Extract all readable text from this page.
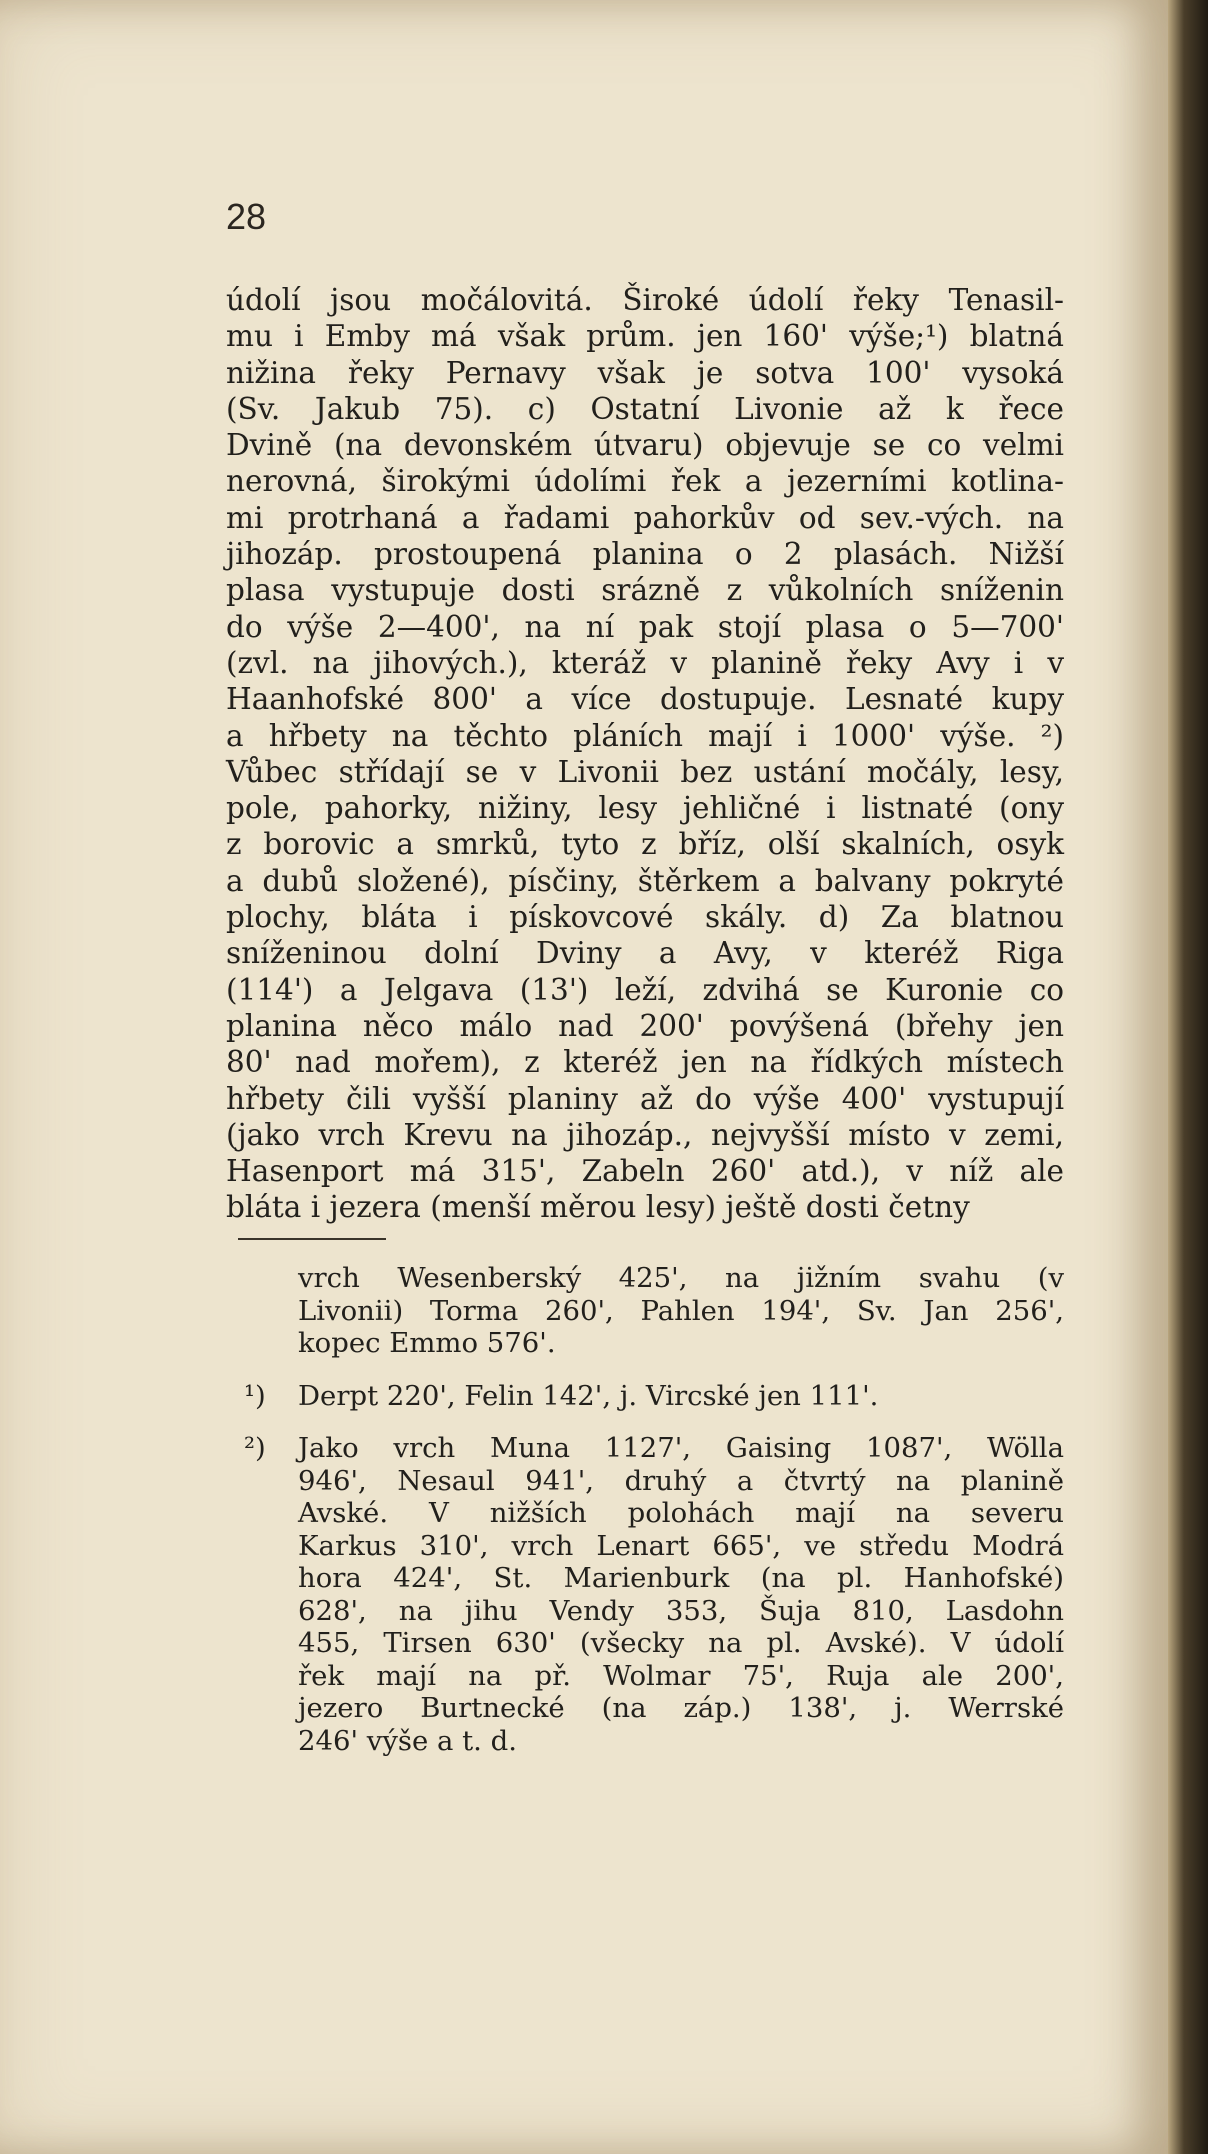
28
údolí jsou močálovitá. Široké údolí řeky Tenasil-
mu i Emby má však prům. jen 160' výše;¹) blatná
nižina řeky Pernavy však je sotva 100' vysoká
(Sv. Jakub 75). c) Ostatní Livonie až k řece
Dvině (na devonském útvaru) objevuje se co velmi
nerovná, širokými údolími řek a jezerními kotlina-
mi protrhaná a řadami pahorkův od sev.-vých. na
jihozáp. prostoupená planina o 2 plasách. Nižší
plasa vystupuje dosti srázně z vůkolních sníženin
do výše 2—400', na ní pak stojí plasa o 5—700'
(zvl. na jihových.), kteráž v planině řeky Avy i v
Haanhofské 800' a více dostupuje. Lesnaté kupy
a hřbety na těchto pláních mají i 1000' výše. ²)
Vůbec střídají se v Livonii bez ustání močály, lesy,
pole, pahorky, nižiny, lesy jehličné i listnaté (ony
z borovic a smrků, tyto z bříz, olší skalních, osyk
a dubů složené), písčiny, štěrkem a balvany pokryté
plochy, bláta i pískovcové skály. d) Za blatnou
sníženinou dolní Dviny a Avy, v kteréž Riga
(114') a Jelgava (13') leží, zdvihá se Kuronie co
planina něco málo nad 200' povýšená (břehy jen
80' nad mořem), z kteréž jen na řídkých místech
hřbety čili vyšší planiny až do výše 400' vystupují
(jako vrch Krevu na jihozáp., nejvyšší místo v zemi,
Hasenport má 315', Zabeln 260' atd.), v níž ale
bláta i jezera (menší měrou lesy) ještě dosti četny
vrch Wesenberský 425', na jižním svahu (v
Livonii) Torma 260', Pahlen 194', Sv. Jan 256',
kopec Emmo 576'.
¹) Derpt 220', Felin 142', j. Vircské jen 111'.
²) Jako vrch Muna 1127', Gaising 1087', Wölla
946', Nesaul 941', druhý a čtvrtý na planině
Avské. V nižších polohách mají na severu
Karkus 310', vrch Lenart 665', ve středu Modrá
hora 424', St. Marienburk (na pl. Hanhofské)
628', na jihu Vendy 353, Šuja 810, Lasdohn
455, Tirsen 630' (všecky na pl. Avské). V údolí
řek mají na př. Wolmar 75', Ruja ale 200',
jezero Burtnecké (na záp.) 138', j. Werrské
246' výše a t. d.
